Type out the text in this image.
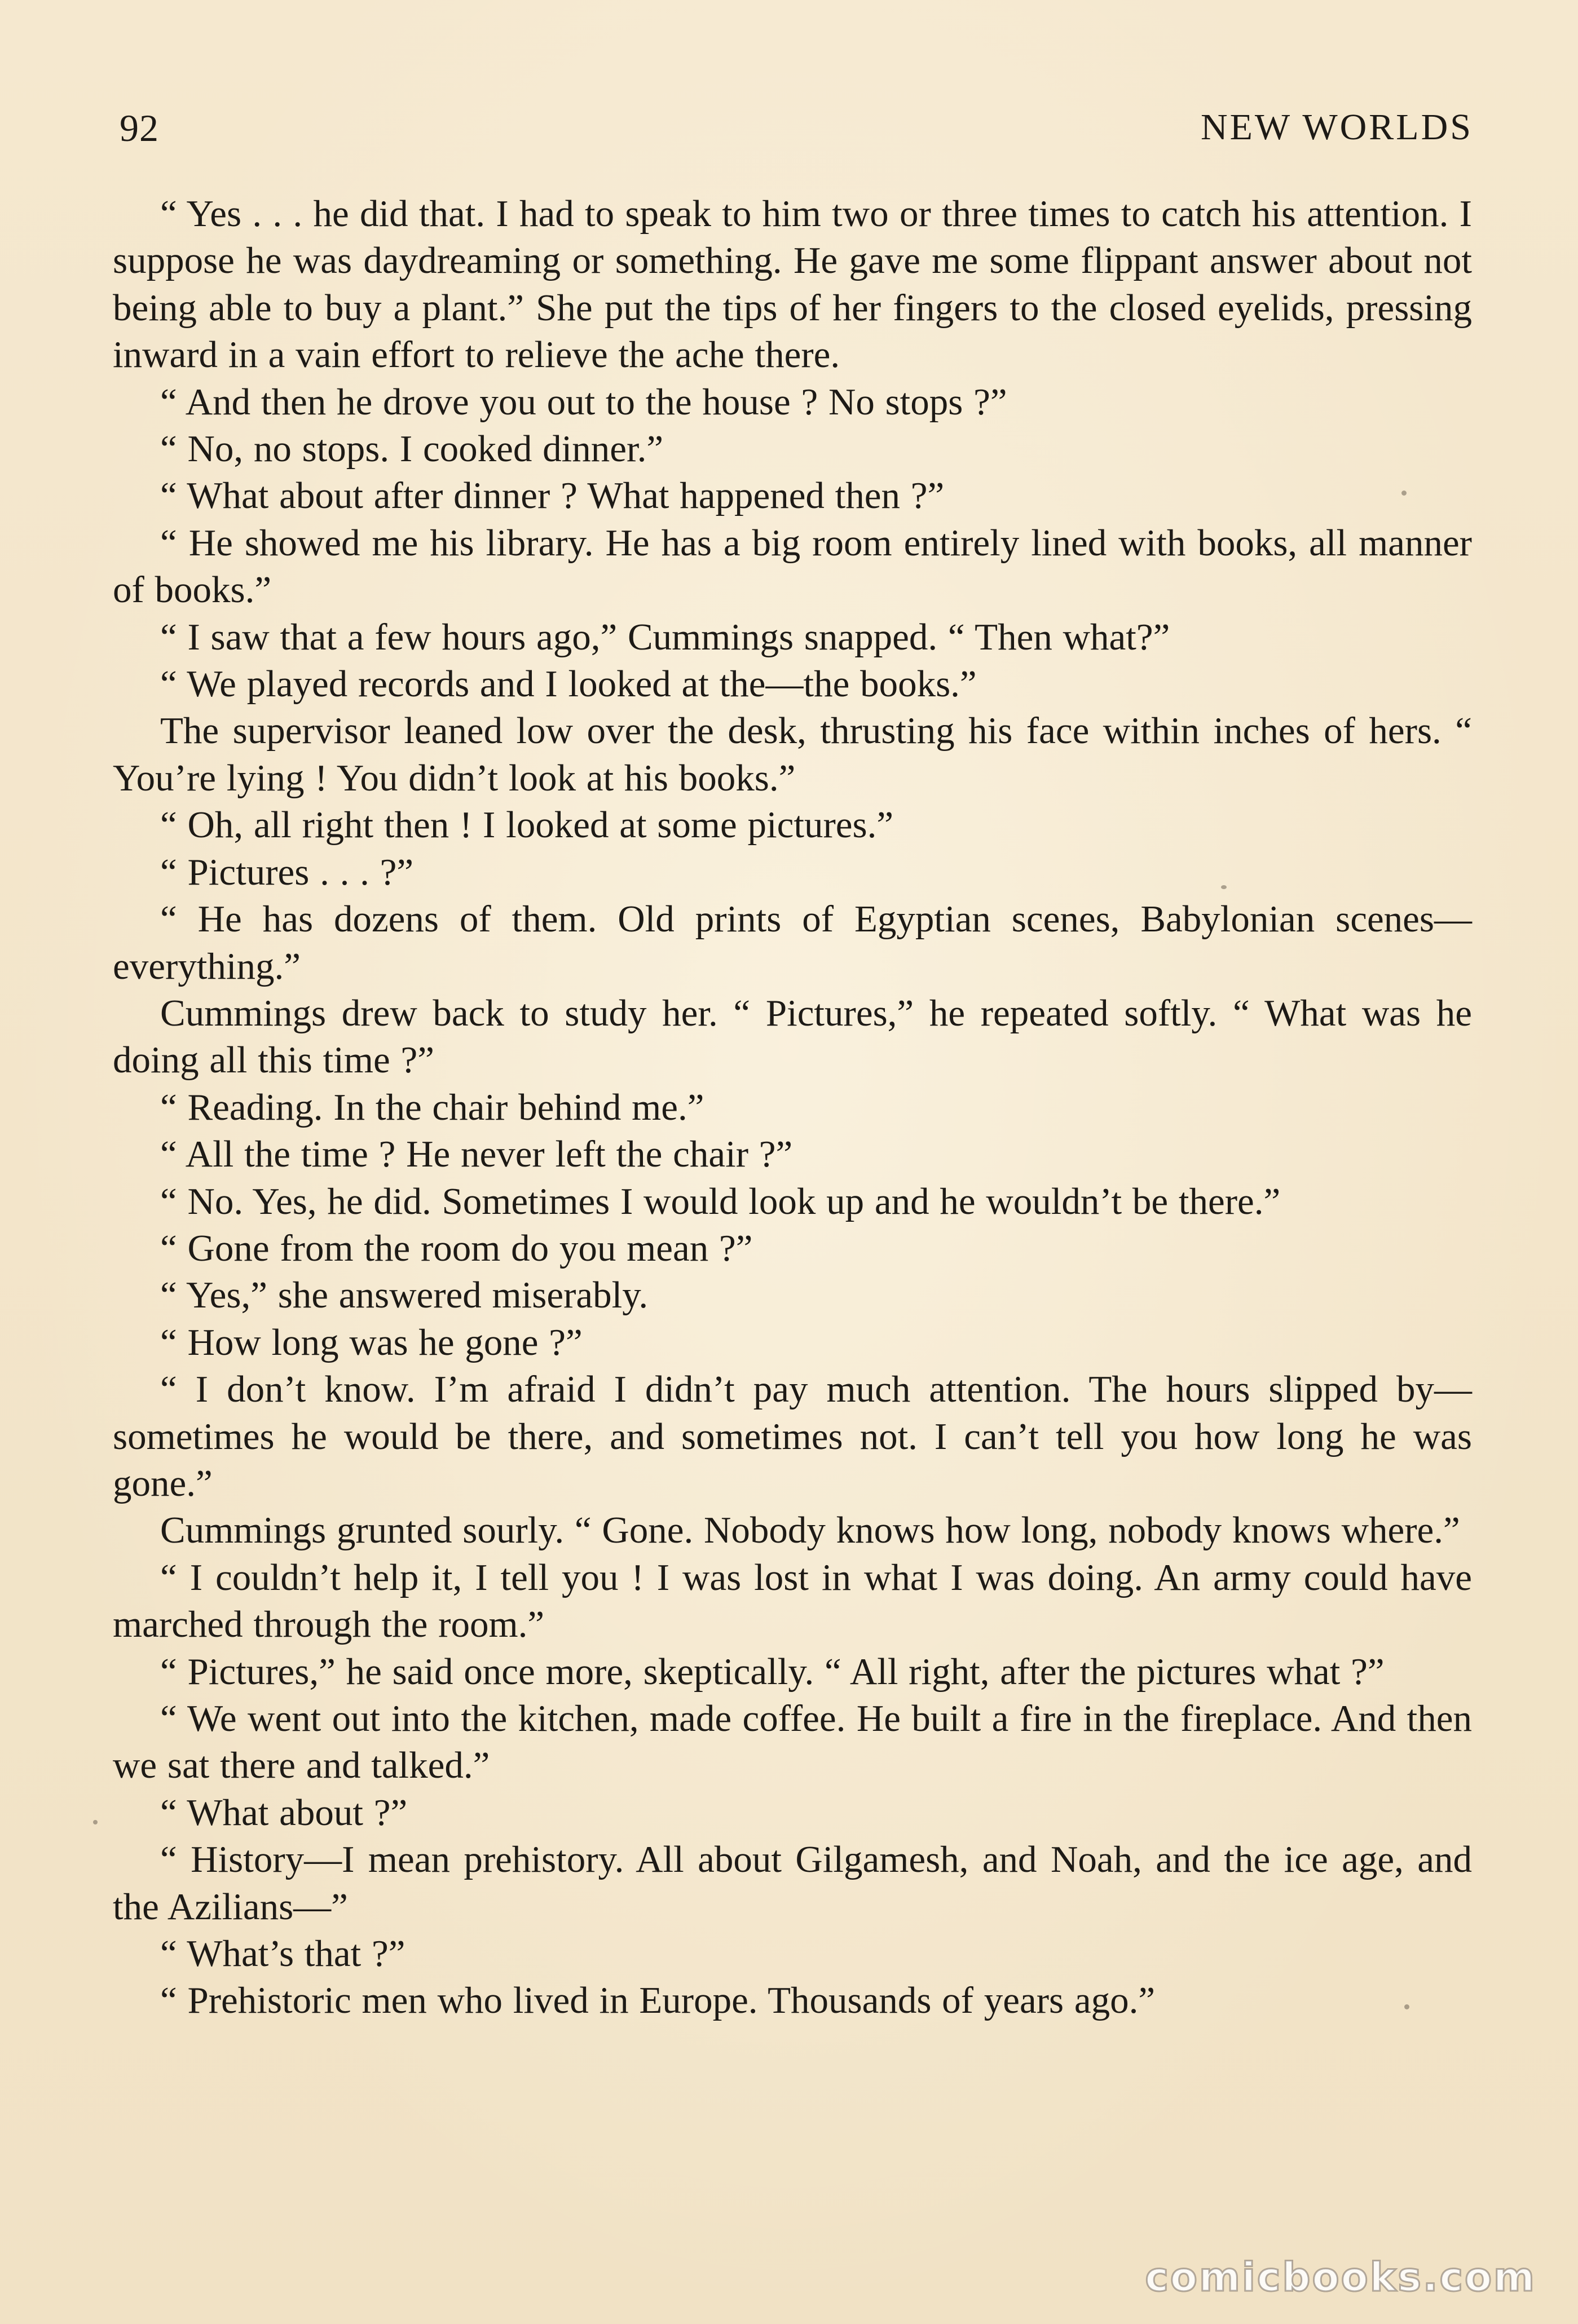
92	NEW WORLDS

“ Yes . . . he did that. I had to speak to him two or three times to catch his attention. I suppose he was daydreaming or something. He gave me some flippant answer about not being able to buy a plant.” She put the tips of her fingers to the closed eyelids, pressing inward in a vain effort to relieve the ache there.

“ And then he drove you out to the house ? No stops ?”

“ No, no stops. I cooked dinner.”

“ What about after dinner ? What happened then ?”

“ He showed me his library. He has a big room entirely lined with books, all manner of books.”

“ I saw that a few hours ago,” Cummings snapped. “ Then what?”

“ We played records and I looked at the—the books.”

The supervisor leaned low over the desk, thrusting his face within inches of hers. “ You’re lying ! You didn’t look at his books.”

“ Oh, all right then ! I looked at some pictures.”

“ Pictures . . . ?”

“ He has dozens of them. Old prints of Egyptian scenes, Babylonian scenes—everything.”

Cummings drew back to study her. “ Pictures,” he repeated softly. “ What was he doing all this time ?”

“ Reading. In the chair behind me.”

“ All the time ? He never left the chair ?”

“ No. Yes, he did. Sometimes I would look up and he wouldn’t be there.”

“ Gone from the room do you mean ?”

“ Yes,” she answered miserably.

“ How long was he gone ?”

“ I don’t know. I’m afraid I didn’t pay much attention. The hours slipped by—sometimes he would be there, and sometimes not. I can’t tell you how long he was gone.”

Cummings grunted sourly. “ Gone. Nobody knows how long, nobody knows where.”

“ I couldn’t help it, I tell you ! I was lost in what I was doing. An army could have marched through the room.”

“ Pictures,” he said once more, skeptically. “ All right, after the pictures what ?”

“ We went out into the kitchen, made coffee. He built a fire in the fireplace. And then we sat there and talked.”

“ What about ?”

“ History—I mean prehistory. All about Gilgamesh, and Noah, and the ice age, and the Azilians—”

“ What’s that ?”

“ Prehistoric men who lived in Europe. Thousands of years ago.”

comicbooks.com
